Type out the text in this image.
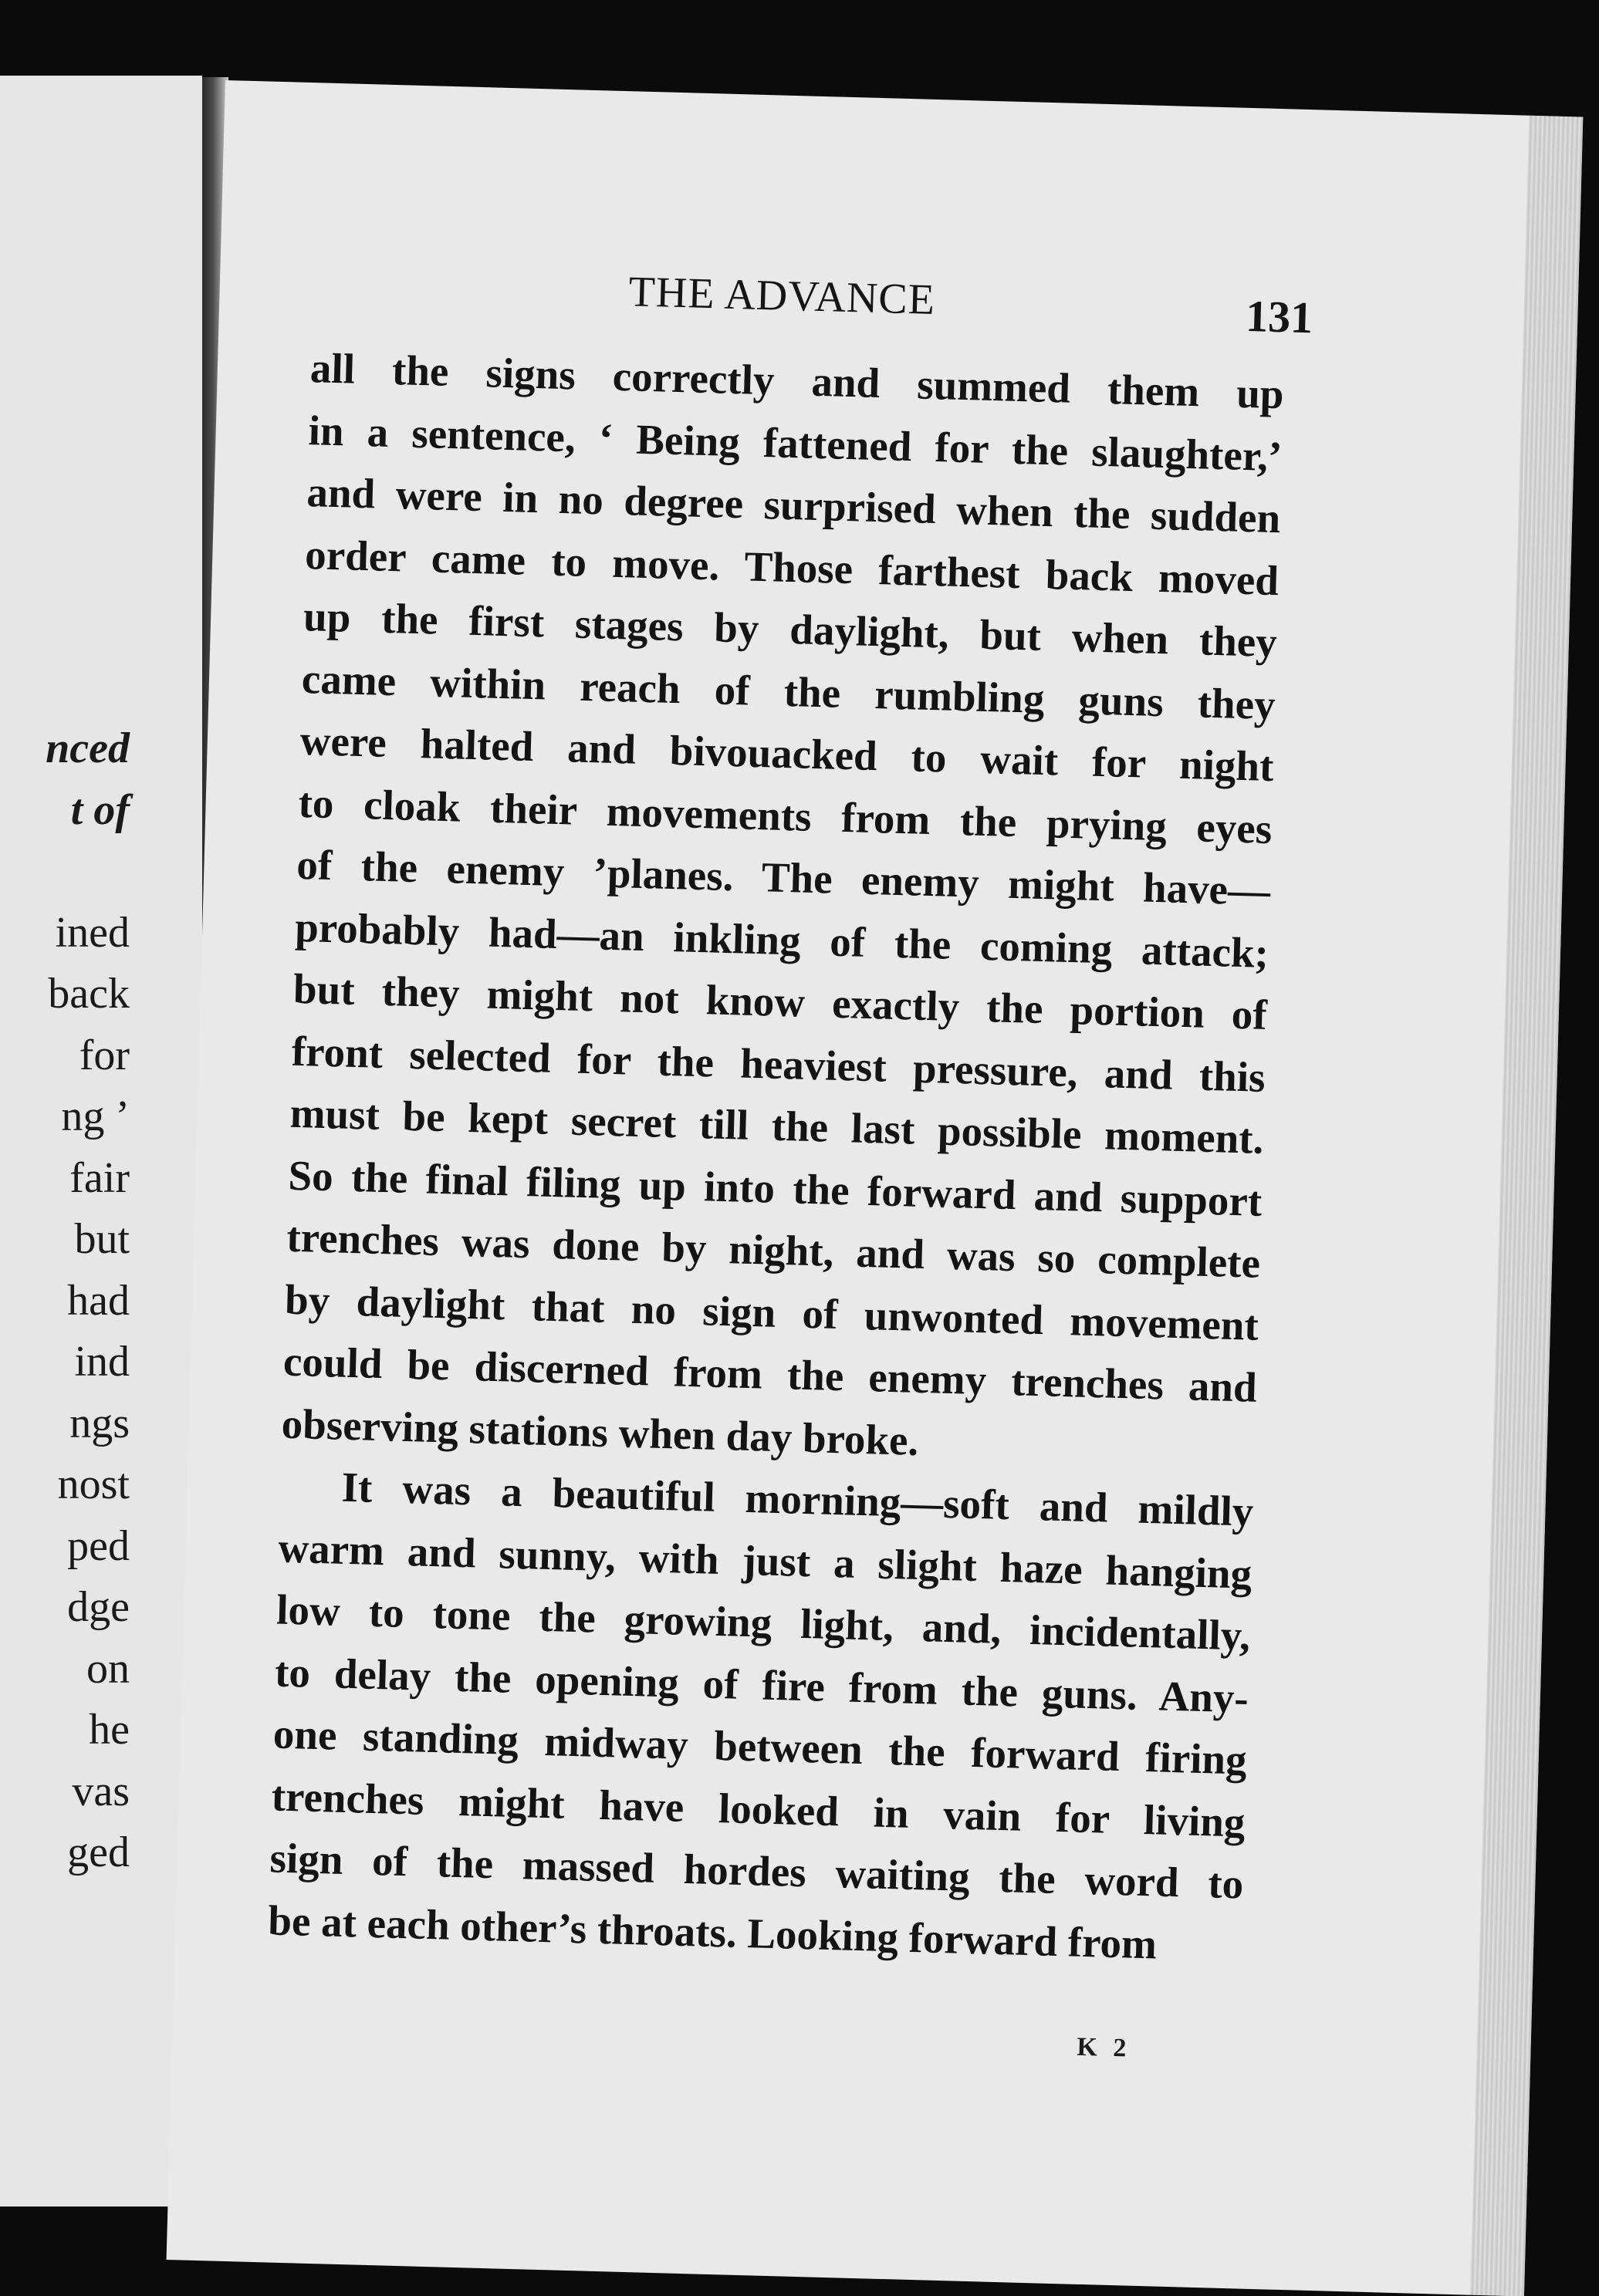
nced
t of
ined
back
for
ng ’
fair
but
had
ind
ngs
nost
ped
dge
on
he
vas
ged
THE ADVANCE	131
all the signs correctly and summed them up
in a sentence, ‘ Being fattened for the slaughter,’
and were in no degree surprised when the sudden
order came to move. Those farthest back moved
up the first stages by daylight, but when they
came within reach of the rumbling guns they
were halted and bivouacked to wait for night
to cloak their movements from the prying eyes
of the enemy ’planes. The enemy might have—
probably had—an inkling of the coming attack;
but they might not know exactly the portion of
front selected for the heaviest pressure, and this
must be kept secret till the last possible moment.
So the final filing up into the forward and support
trenches was done by night, and was so complete
by daylight that no sign of unwonted movement
could be discerned from the enemy trenches and
observing stations when day broke.
It was a beautiful morning—soft and mildly
warm and sunny, with just a slight haze hanging
low to tone the growing light, and, incidentally,
to delay the opening of fire from the guns. Any-
one standing midway between the forward firing
trenches might have looked in vain for living
sign of the massed hordes waiting the word to
be at each other’s throats. Looking forward from
K 2
